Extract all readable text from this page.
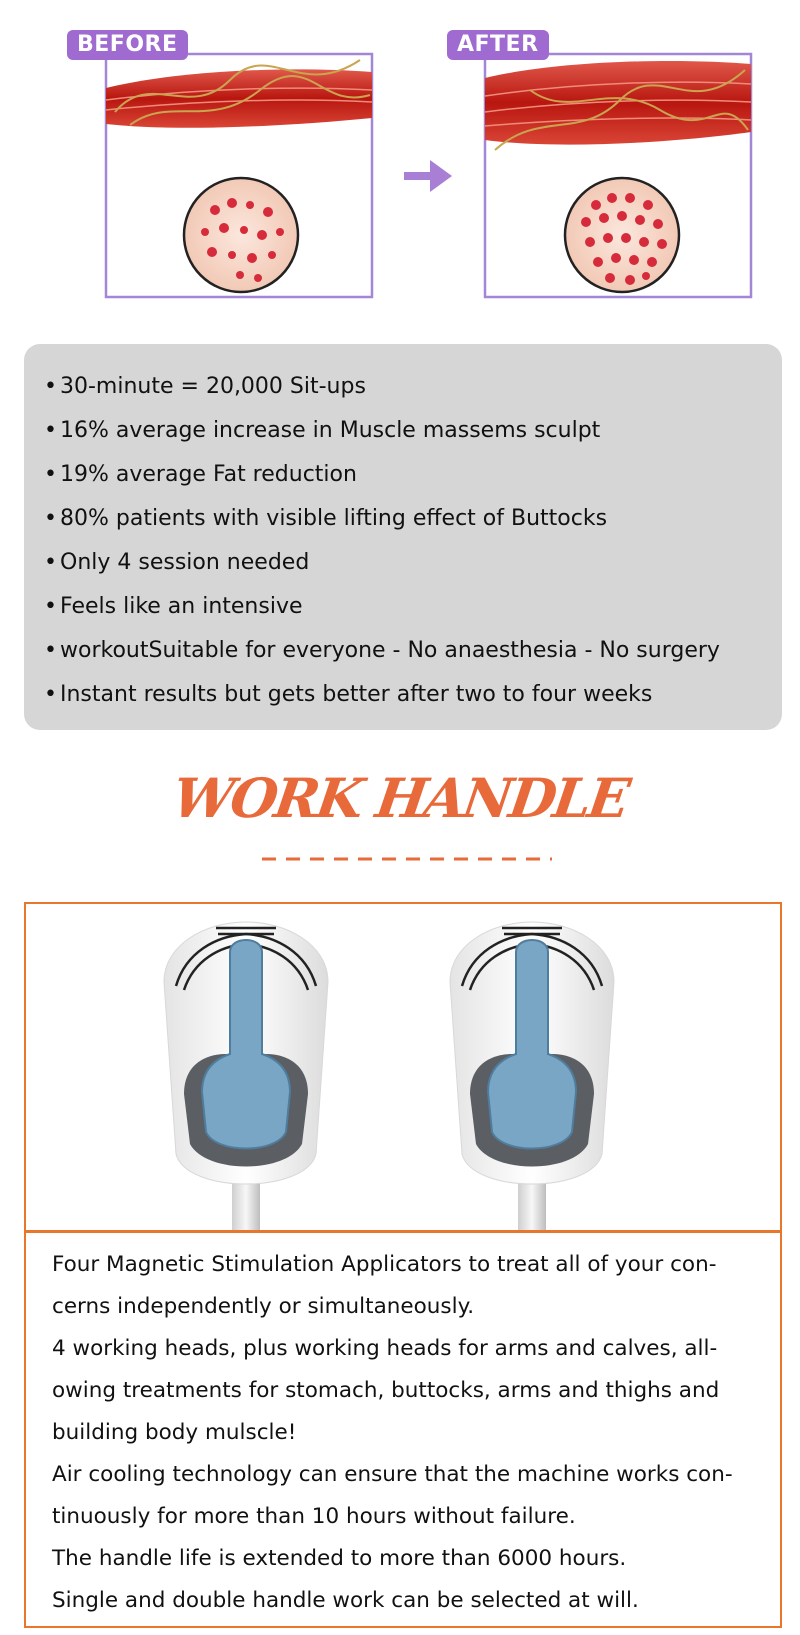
BEFORE	AFTER
• 30-minute = 20,000 Sit-ups
• 16% average increase in Muscle massems sculpt
• 19% average Fat reduction
• 80% patients with visible lifting effect of Buttocks
• Only 4 session needed
• Feels like an intensive
• workoutSuitable for everyone - No anaesthesia - No surgery
• Instant results but gets better after two to four weeks
WORK HANDLE

Four Magnetic Stimulation Applicators to treat all of your con-

cerns independently or simultaneously.

4 working heads, plus working heads for arms and calves, all-

owing treatments for stomach, buttocks, arms and thighs and

building body mulscle!

Air cooling technology can ensure that the machine works con-

tinuously for more than 10 hours without failure.

The handle life is extended to more than 6000 hours.

Single and double handle work can be selected at will.
